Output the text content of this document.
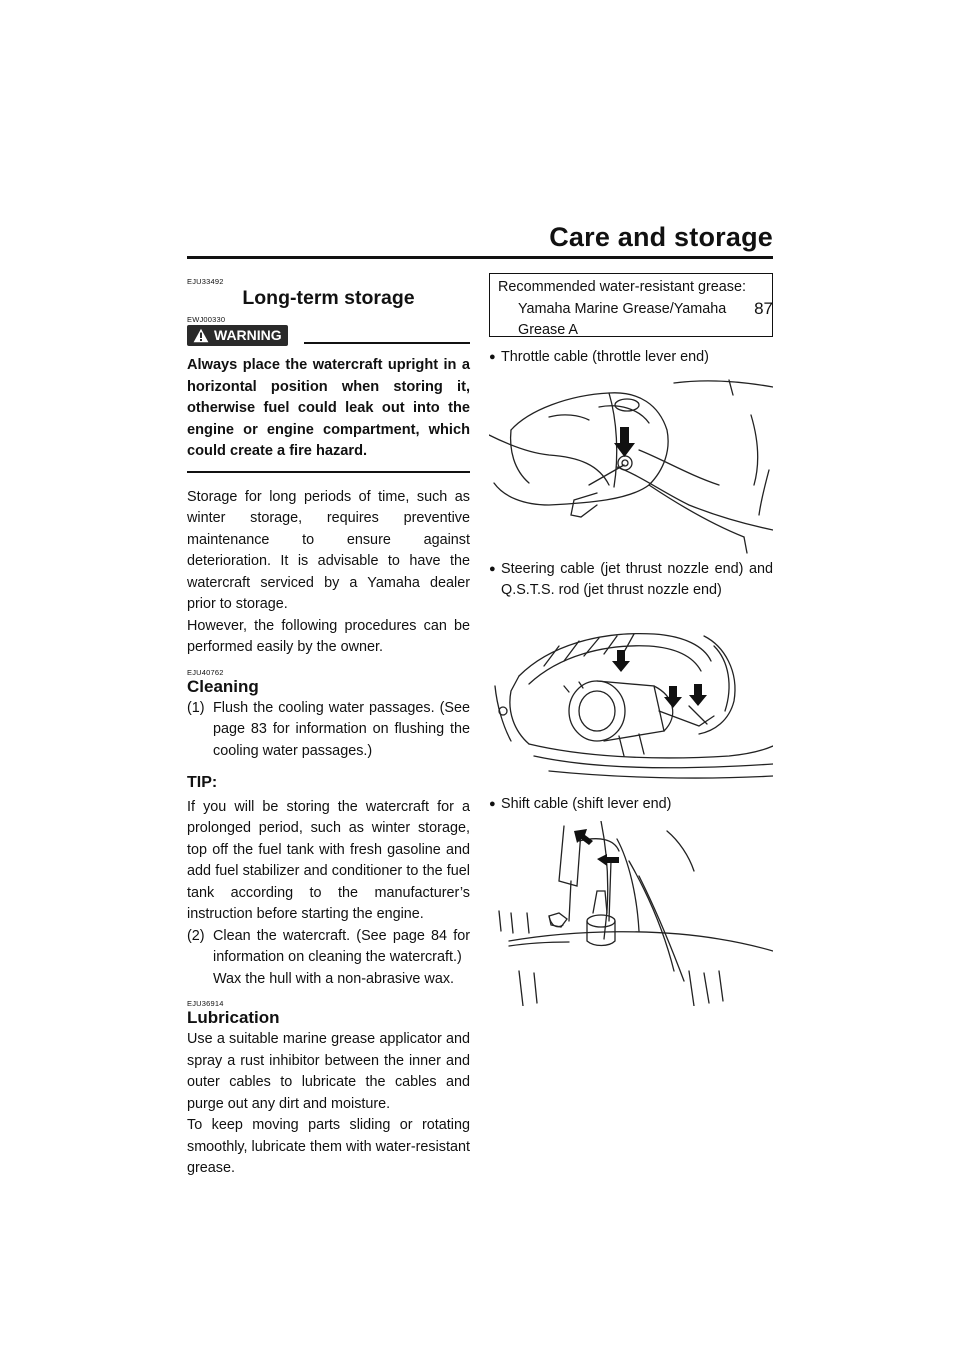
Care and storage
87
EJU33492
Long-term storage
EWJ00330
WARNING
Always place the watercraft upright in a horizontal position when storing it, otherwise fuel could leak out into the engine or engine compartment, which could create a fire hazard.

Storage for long periods of time, such as winter storage, requires preventive maintenance to ensure against deterioration. It is advisable to have the watercraft serviced by a Yamaha dealer prior to storage.

However, the following procedures can be performed easily by the owner.

EJU40762
Cleaning
(1) Flush the cooling water passages. (See page 83 for information on flushing the cooling water passages.)
TIP:

If you will be storing the watercraft for a prolonged period, such as winter storage, top off the fuel tank with fresh gasoline and add fuel stabilizer and conditioner to the fuel tank according to the manufacturer’s instruction before starting the engine.

(2) Clean the watercraft. (See page 84 for information on cleaning the watercraft.)
Wax the hull with a non-abrasive wax.
EJU36914
Lubrication

Use a suitable marine grease applicator and spray a rust inhibitor between the inner and outer cables to lubricate the cables and purge out any dirt and moisture.

To keep moving parts sliding or rotating smoothly, lubricate them with water-resistant grease.

Recommended water-resistant grease:
Yamaha Marine Grease/Yamaha
Grease A
● Throttle cable (throttle lever end)
● Steering cable (jet thrust nozzle end) and Q.S.T.S. rod (jet thrust nozzle end)
● Shift cable (shift lever end)
